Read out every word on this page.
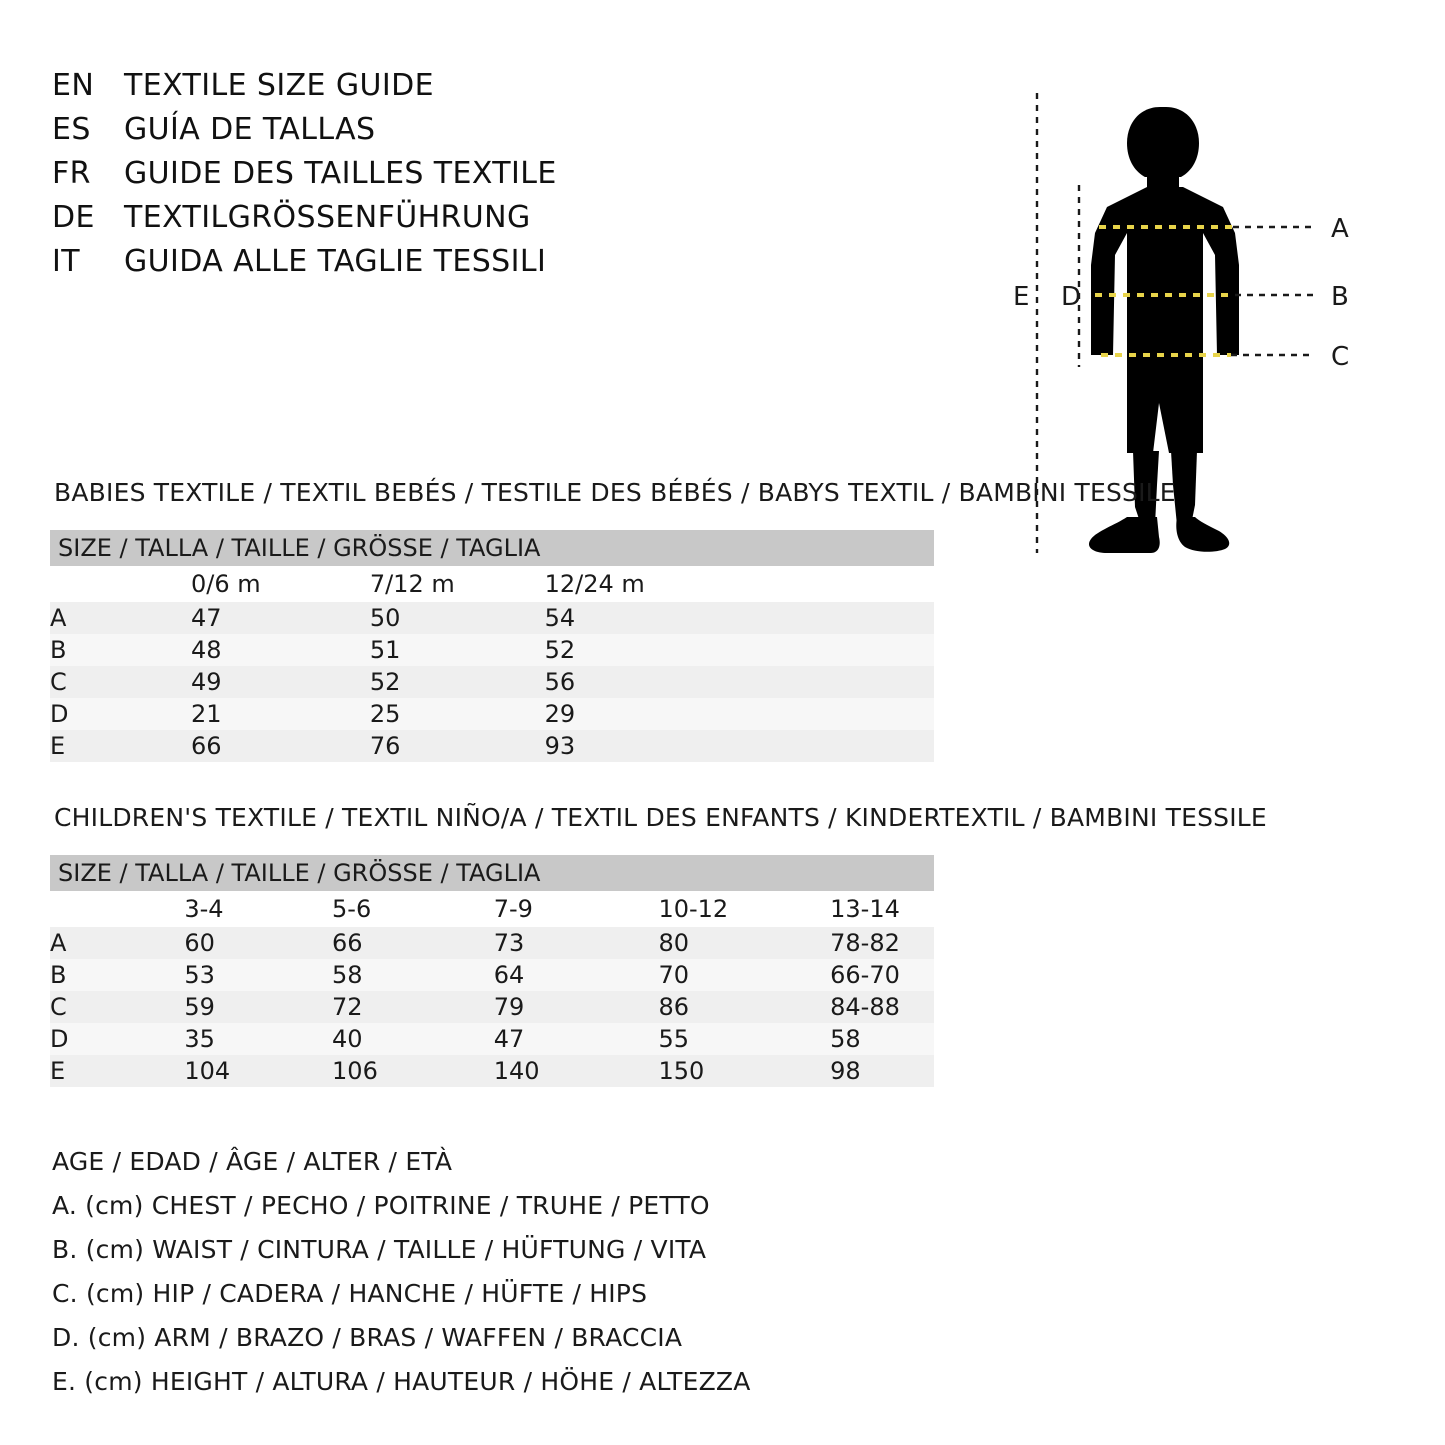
EN TEXTILE SIZE GUIDE
ES	GUÍA DE TALLAS
FR	GUIDE DES TAILLES TEXTILE
DE TEXTILGRÖSSENFÜHRUNG
IT	GUIDA ALLE TAGLIE TESSILI
A
B
C
D
E
BABIES TEXTILE / TEXTIL BEBÉS / TESTILE DES BÉBÉS / BABYS TEXTIL / BAMBINI TESSILE
SIZE / TALLA / TAILLE / GRÖSSE / TAGLIA			
	0/6 m	7/12 m	12/24 m
A	47	50	54
B	48	51	52
C	49	52	56
D	21	25	29
E	66	76	93
CHILDREN'S TEXTILE / TEXTIL NIÑO/A / TEXTIL DES ENFANTS / KINDERTEXTIL / BAMBINI TESSILE
SIZE / TALLA / TAILLE / GRÖSSE / TAGLIA					
	3-4	5-6	7-9	10-12	13-14
A	60	66	73	80	78-82
B	53	58	64	70	66-70
C	59	72	79	86	84-88
D	35	40	47	55	58
E	104	106	140	150	98
AGE / EDAD / ÂGE / ALTER / ETÀ
A. (cm) CHEST / PECHO / POITRINE / TRUHE / PETTO
B. (cm) WAIST / CINTURA / TAILLE / HÜFTUNG / VITA
C. (cm) HIP / CADERA / HANCHE / HÜFTE / HIPS
D. (cm) ARM / BRAZO / BRAS / WAFFEN / BRACCIA
E. (cm) HEIGHT / ALTURA / HAUTEUR / HÖHE / ALTEZZA
